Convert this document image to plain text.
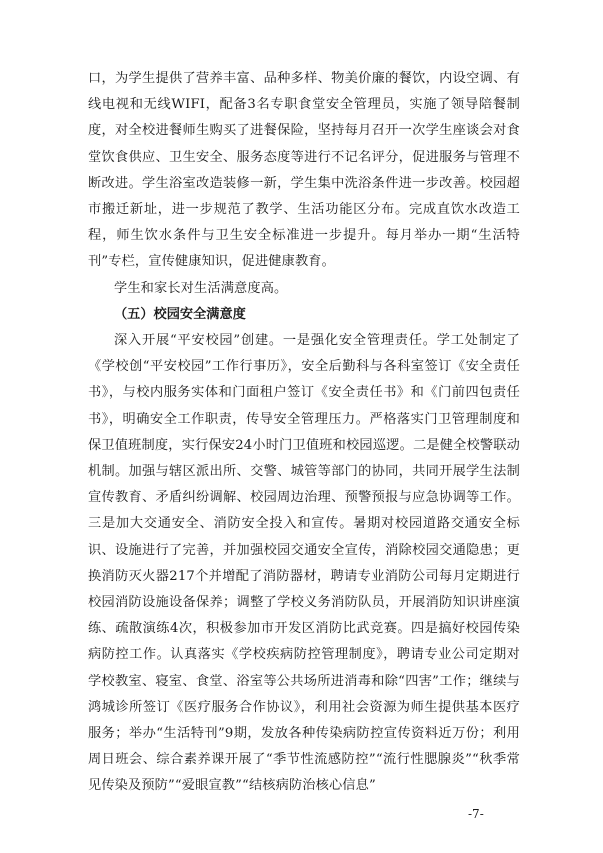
口，为学生提供了营养丰富、品种多样、物美价廉的餐饮，内设空调、有线电视和无线WIFI，配备3名专职食堂安全管理员，实施了领导陪餐制度，对全校进餐师生购买了进餐保险，坚持每月召开一次学生座谈会对食堂饮食供应、卫生安全、服务态度等进行不记名评分，促进服务与管理不断改进。学生浴室改造装修一新，学生集中洗浴条件进一步改善。校园超市搬迁新址，进一步规范了教学、生活功能区分布。完成直饮水改造工程，师生饮水条件与卫生安全标准进一步提升。每月举办一期“生活特刊”专栏，宣传健康知识，促进健康教育。

学生和家长对生活满意度高。

（五）校园安全满意度

深入开展“平安校园”创建。一是强化安全管理责任。学工处制定了《学校创“平安校园”工作行事历》，安全后勤科与各科室签订《安全责任书》，与校内服务实体和门面租户签订《安全责任书》和《门前四包责任书》，明确安全工作职责，传导安全管理压力。严格落实门卫管理制度和保卫值班制度，实行保安24小时门卫值班和校园巡逻。二是健全校警联动机制。加强与辖区派出所、交警、城管等部门的协同，共同开展学生法制宣传教育、矛盾纠纷调解、校园周边治理、预警预报与应急协调等工作。三是加大交通安全、消防安全投入和宣传。暑期对校园道路交通安全标识、设施进行了完善，并加强校园交通安全宣传，消除校园交通隐患；更换消防灭火器217个并增配了消防器材，聘请专业消防公司每月定期进行校园消防设施设备保养；调整了学校义务消防队员，开展消防知识讲座演练、疏散演练4次，积极参加市开发区消防比武竞赛。四是搞好校园传染病防控工作。认真落实《学校疾病防控管理制度》，聘请专业公司定期对学校教室、寝室、食堂、浴室等公共场所进消毒和除“四害”工作；继续与鸿城诊所签订《医疗服务合作协议》，利用社会资源为师生提供基本医疗服务；举办“生活特刊”9期，发放各种传染病防控宣传资料近万份；利用周日班会、综合素养课开展了“季节性流感防控”“流行性腮腺炎”“秋季常见传染及预防”“爱眼宣教”“结核病防治核心信息”

-7-
